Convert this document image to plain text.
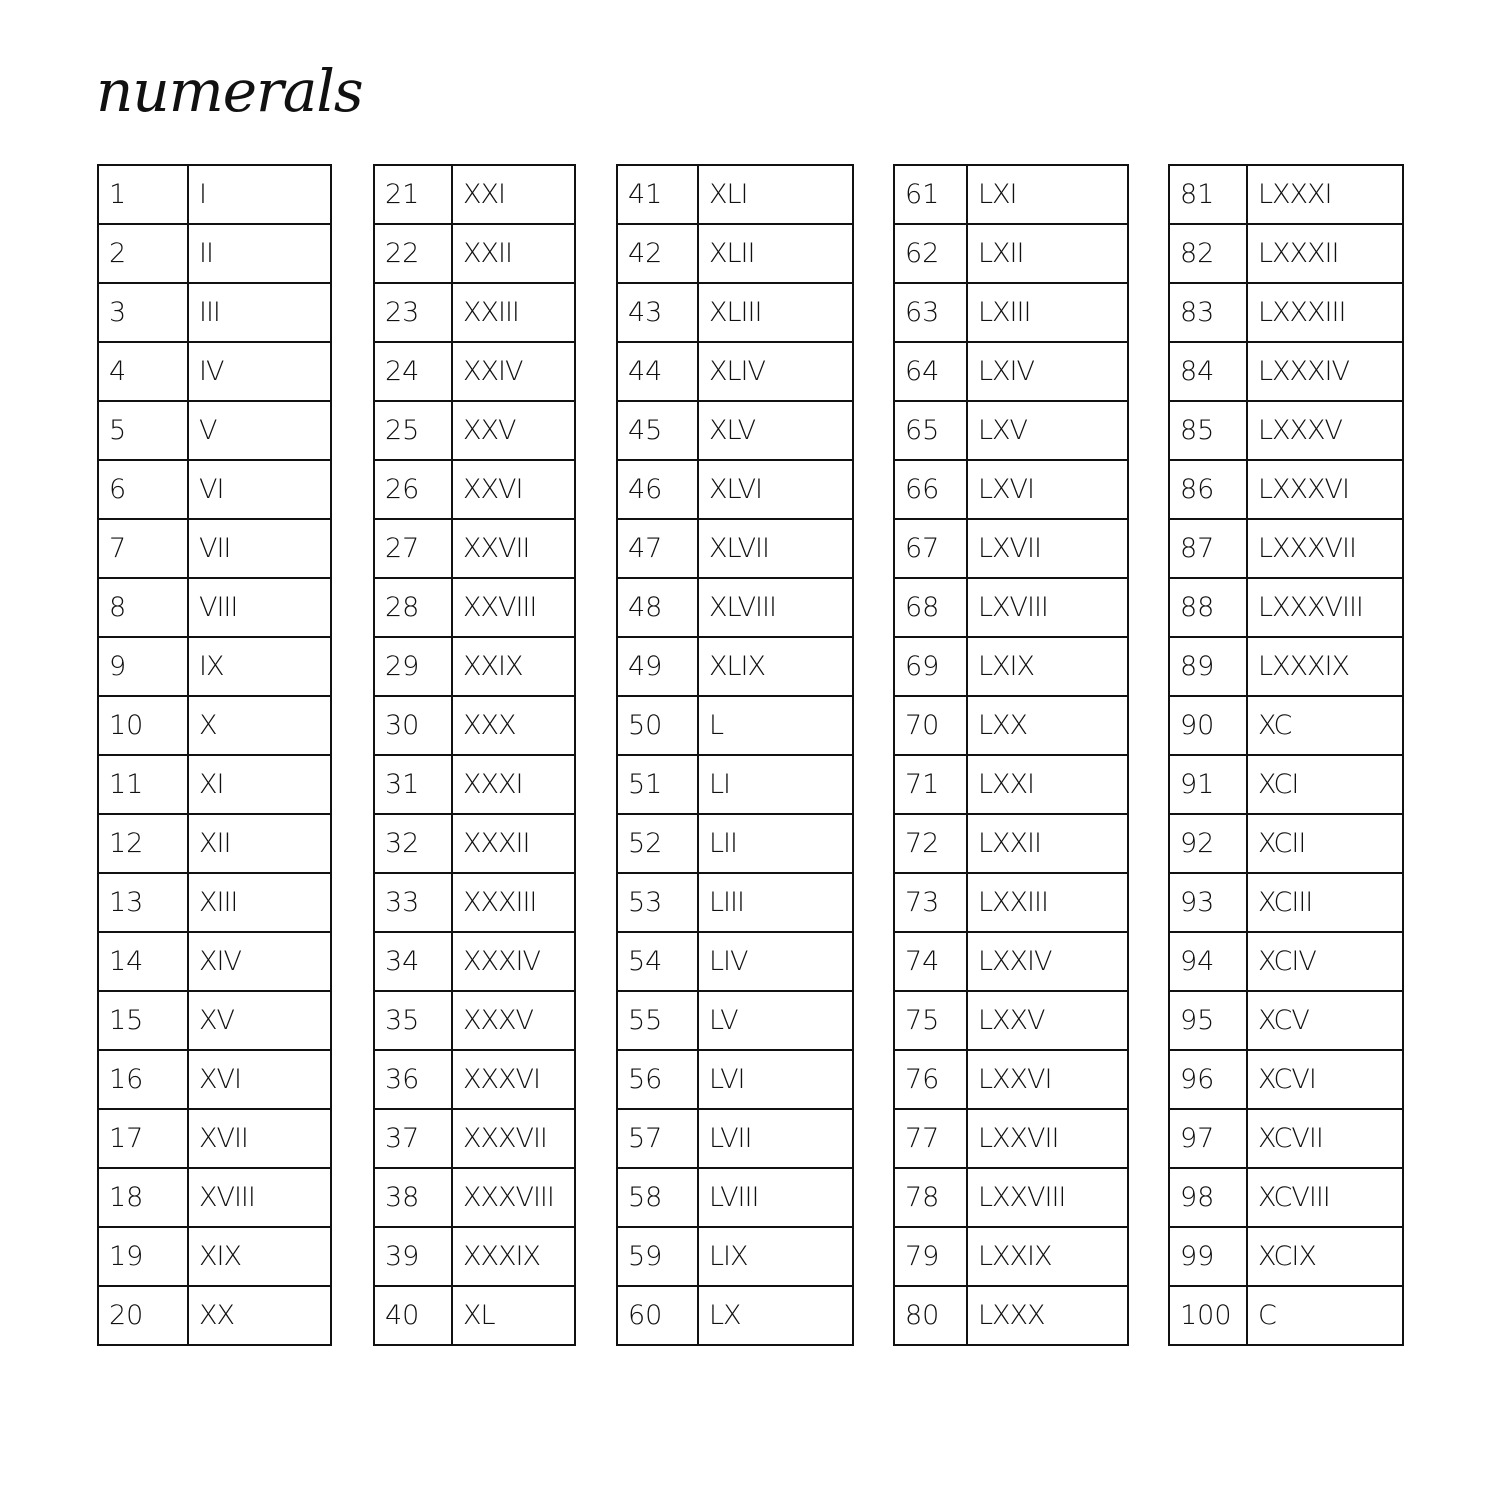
numerals
1	I
2	II
3	III
4	IV
5	V
6	VI
7	VII
8	VIII
9	IX
10	X
11	XI
12	XII
13	XIII
14	XIV
15	XV
16	XVI
17	XVII
18	XVIII
19	XIX
20	XX
21	XXI
22	XXII
23	XXIII
24	XXIV
25	XXV
26	XXVI
27	XXVII
28	XXVIII
29	XXIX
30	XXX
31	XXXI
32	XXXII
33	XXXIII
34	XXXIV
35	XXXV
36	XXXVI
37	XXXVII
38	XXXVIII
39	XXXIX
40	XL
41	XLI
42	XLII
43	XLIII
44	XLIV
45	XLV
46	XLVI
47	XLVII
48	XLVIII
49	XLIX
50	L
51	LI
52	LII
53	LIII
54	LIV
55	LV
56	LVI
57	LVII
58	LVIII
59	LIX
60	LX
61	LXI
62	LXII
63	LXIII
64	LXIV
65	LXV
66	LXVI
67	LXVII
68	LXVIII
69	LXIX
70	LXX
71	LXXI
72	LXXII
73	LXXIII
74	LXXIV
75	LXXV
76	LXXVI
77	LXXVII
78	LXXVIII
79	LXXIX
80	LXXX
81	LXXXI
82	LXXXII
83	LXXXIII
84	LXXXIV
85	LXXXV
86	LXXXVI
87	LXXXVII
88	LXXXVIII
89	LXXXIX
90	XC
91	XCI
92	XCII
93	XCIII
94	XCIV
95	XCV
96	XCVI
97	XCVII
98	XCVIII
99	XCIX
100	C
